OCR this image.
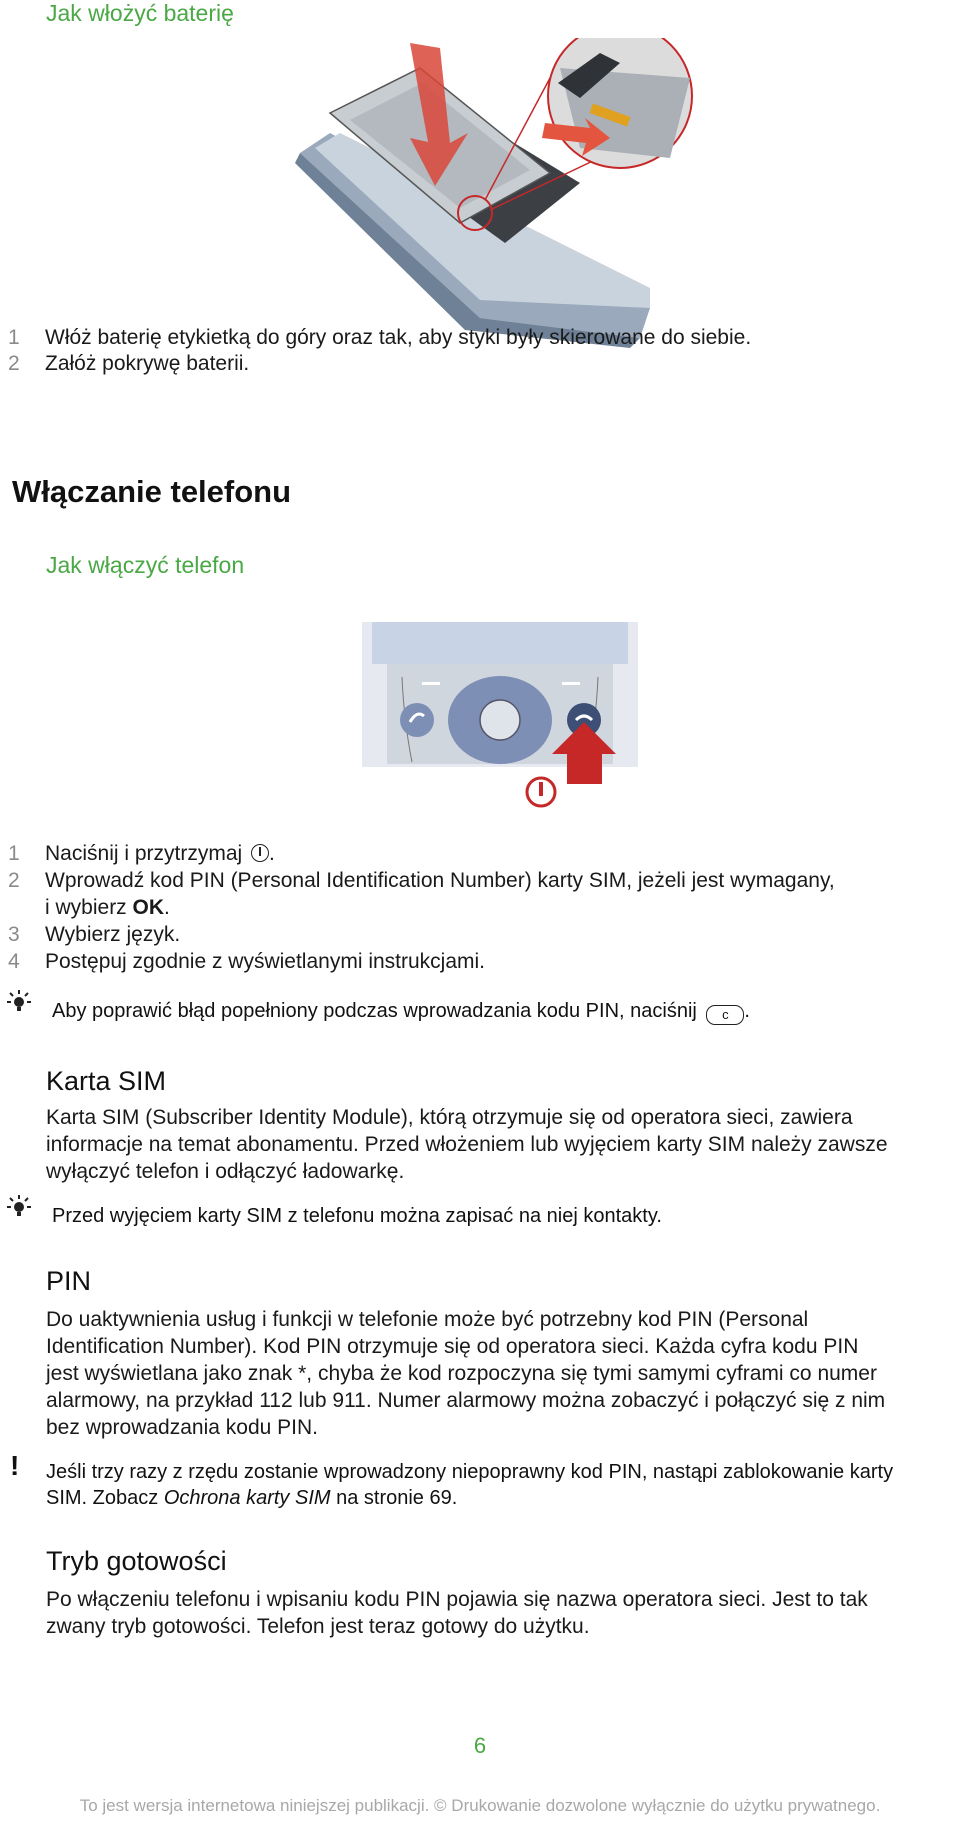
Jak włożyć baterię
1 Włóż baterię etykietką do góry oraz tak, aby styki były skierowane do siebie.
2 Załóż pokrywę baterii.
Włączanie telefonu
Jak włączyć telefon
1 Naciśnij i przytrzymaj .
2 Wprowadź kod PIN (Personal Identification Number) karty SIM, jeżeli jest wymagany,
i wybierz OK.
3 Wybierz język.
4 Postępuj zgodnie z wyświetlanymi instrukcjami.
Aby poprawić błąd popełniony podczas wprowadzania kodu PIN, naciśnij c .
Karta SIM
Karta SIM (Subscriber Identity Module), którą otrzymuje się od operatora sieci, zawiera
informacje na temat abonamentu. Przed włożeniem lub wyjęciem karty SIM należy zawsze
wyłączyć telefon i odłączyć ładowarkę.
Przed wyjęciem karty SIM z telefonu można zapisać na niej kontakty.
PIN
Do uaktywnienia usług i funkcji w telefonie może być potrzebny kod PIN (Personal
Identification Number). Kod PIN otrzymuje się od operatora sieci. Każda cyfra kodu PIN
jest wyświetlana jako znak *, chyba że kod rozpoczyna się tymi samymi cyframi co numer
alarmowy, na przykład 112 lub 911. Numer alarmowy można zobaczyć i połączyć się z nim
bez wprowadzania kodu PIN.
! Jeśli trzy razy z rzędu zostanie wprowadzony niepoprawny kod PIN, nastąpi zablokowanie karty
SIM. Zobacz Ochrona karty SIM na stronie 69.
Tryb gotowości
Po włączeniu telefonu i wpisaniu kodu PIN pojawia się nazwa operatora sieci. Jest to tak
zwany tryb gotowości. Telefon jest teraz gotowy do użytku.
6
To jest wersja internetowa niniejszej publikacji. © Drukowanie dozwolone wyłącznie do użytku prywatnego.
